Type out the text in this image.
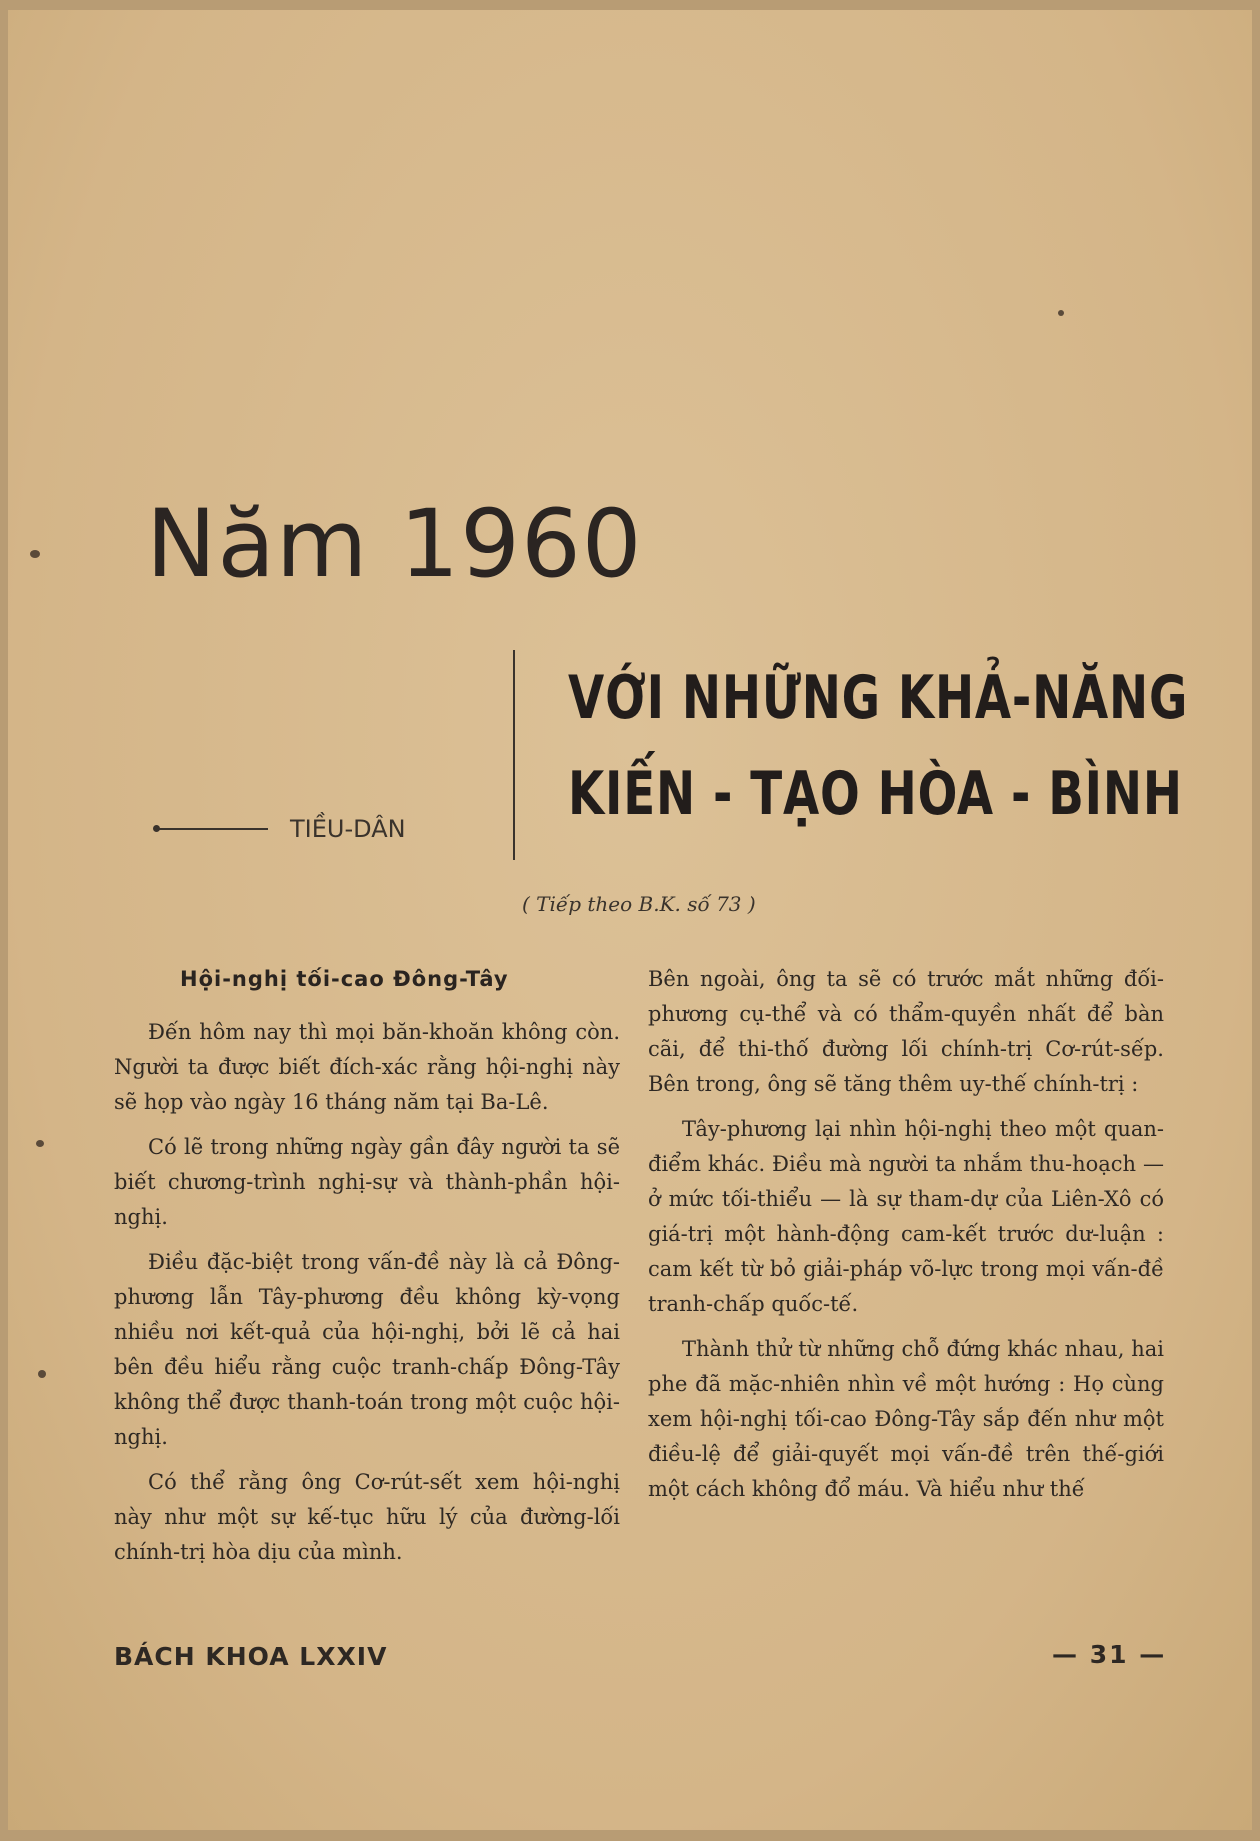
Năm 1960
TIỀU-DÂN
VỚI NHỮNG KHẢ-NĂNG
KIẾN - TẠO HÒA - BÌNH
( Tiếp theo B.K. số 73 )
Hội-nghị tối-cao Đông-Tây

Đến hôm nay thì mọi băn-khoăn không còn. Người ta được biết đích-xác rằng hội-nghị này sẽ họp vào ngày 16 tháng năm tại Ba-Lê.

Có lẽ trong những ngày gần đây người ta sẽ biết chương-trình nghị-sự và thành-phần hội-nghị.

Điều đặc-biệt trong vấn-đề này là cả Đông-phương lẫn Tây-phương đều không kỳ-vọng nhiều nơi kết-quả của hội-nghị, bởi lẽ cả hai bên đều hiểu rằng cuộc tranh-chấp Đông-Tây không thể được thanh-toán trong một cuộc hội-nghị.

Có thể rằng ông Cơ-rút-sết xem hội-nghị này như một sự kế-tục hữu lý của đường-lối chính-trị hòa dịu của mình.

Bên ngoài, ông ta sẽ có trước mắt những đối-phương cụ-thể và có thẩm-quyền nhất để bàn cãi, để thi-thố đường lối chính-trị Cơ-rút-sếp. Bên trong, ông sẽ tăng thêm uy-thế chính-trị :

Tây-phương lại nhìn hội-nghị theo một quan-điểm khác. Điều mà người ta nhắm thu-hoạch — ở mức tối-thiểu — là sự tham-dự của Liên-Xô có giá-trị một hành-động cam-kết trước dư-luận : cam kết từ bỏ giải-pháp võ-lực trong mọi vấn-đề tranh-chấp quốc-tế.

Thành thử từ những chỗ đứng khác nhau, hai phe đã mặc-nhiên nhìn về một hướng : Họ cùng xem hội-nghị tối-cao Đông-Tây sắp đến như một điều-lệ để giải-quyết mọi vấn-đề trên thế-giới một cách không đổ máu. Và hiểu như thế

BÁCH KHOA LXXIV	— 31 —
